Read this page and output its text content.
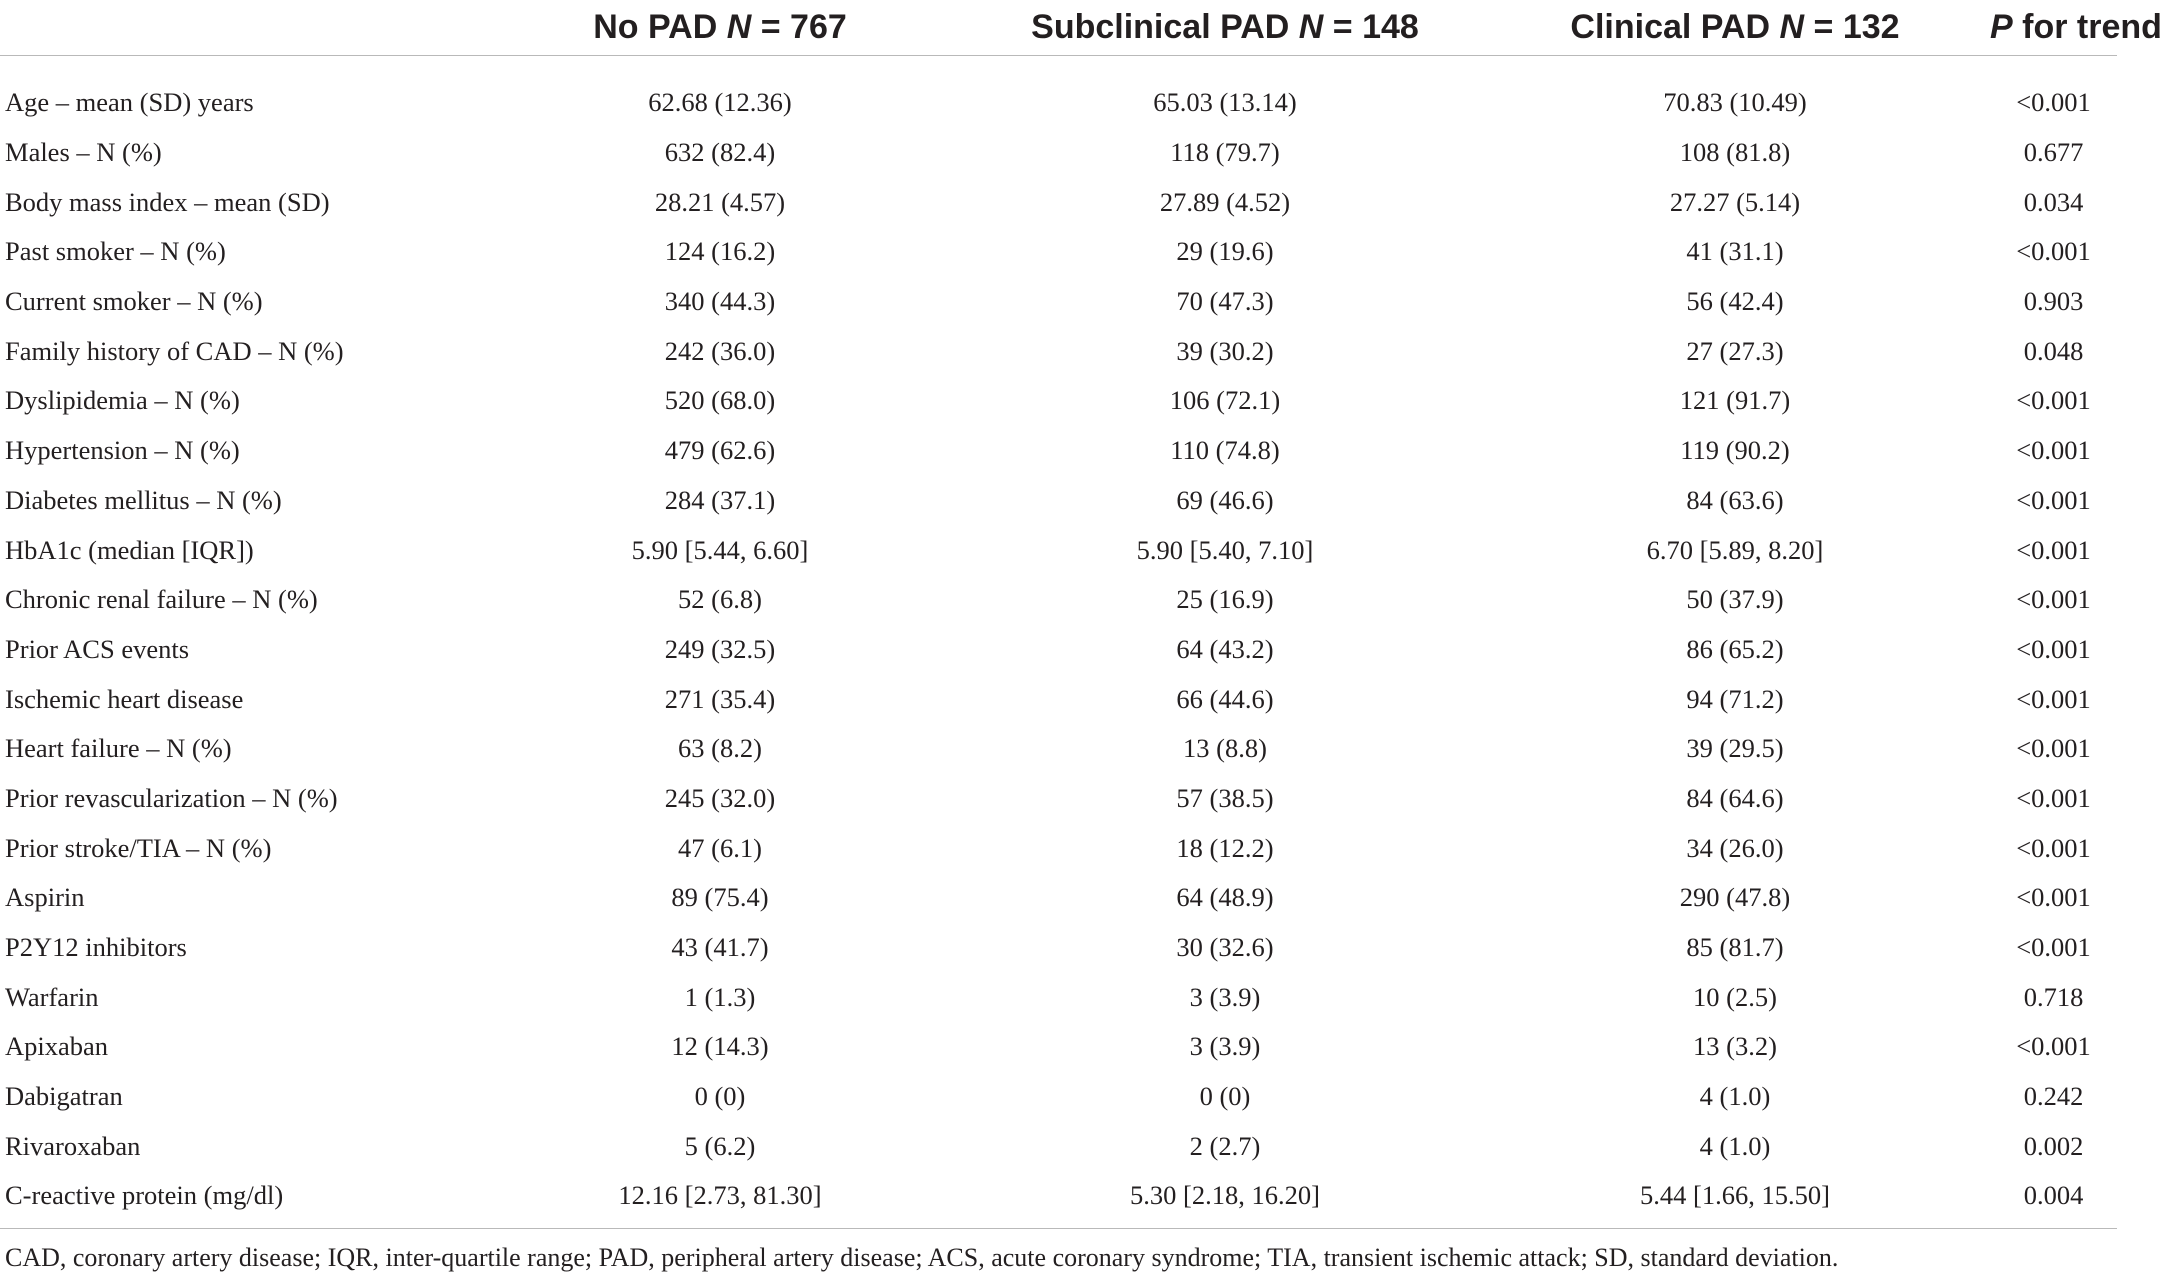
	No PAD N = 767	Subclinical PAD N = 148	Clinical PAD N = 132	P for trend

Age – mean (SD) years	62.68 (12.36)	65.03 (13.14)	70.83 (10.49)	<0.001
Males – N (%)	632 (82.4)	118 (79.7)	108 (81.8)	0.677
Body mass index – mean (SD)	28.21 (4.57)	27.89 (4.52)	27.27 (5.14)	0.034
Past smoker – N (%)	124 (16.2)	29 (19.6)	41 (31.1)	<0.001
Current smoker – N (%)	340 (44.3)	70 (47.3)	56 (42.4)	0.903
Family history of CAD – N (%)	242 (36.0)	39 (30.2)	27 (27.3)	0.048
Dyslipidemia – N (%)	520 (68.0)	106 (72.1)	121 (91.7)	<0.001
Hypertension – N (%)	479 (62.6)	110 (74.8)	119 (90.2)	<0.001
Diabetes mellitus – N (%)	284 (37.1)	69 (46.6)	84 (63.6)	<0.001
HbA1c (median [IQR])	5.90 [5.44, 6.60]	5.90 [5.40, 7.10]	6.70 [5.89, 8.20]	<0.001
Chronic renal failure – N (%)	52 (6.8)	25 (16.9)	50 (37.9)	<0.001
Prior ACS events	249 (32.5)	64 (43.2)	86 (65.2)	<0.001
Ischemic heart disease	271 (35.4)	66 (44.6)	94 (71.2)	<0.001
Heart failure – N (%)	63 (8.2)	13 (8.8)	39 (29.5)	<0.001
Prior revascularization – N (%)	245 (32.0)	57 (38.5)	84 (64.6)	<0.001
Prior stroke/TIA – N (%)	47 (6.1)	18 (12.2)	34 (26.0)	<0.001
Aspirin	89 (75.4)	64 (48.9)	290 (47.8)	<0.001
P2Y12 inhibitors	43 (41.7)	30 (32.6)	85 (81.7)	<0.001
Warfarin	1 (1.3)	3 (3.9)	10 (2.5)	0.718
Apixaban	12 (14.3)	3 (3.9)	13 (3.2)	<0.001
Dabigatran	0 (0)	0 (0)	4 (1.0)	0.242
Rivaroxaban	5 (6.2)	2 (2.7)	4 (1.0)	0.002
C-reactive protein (mg/dl)	12.16 [2.73, 81.30]	5.30 [2.18, 16.20]	5.44 [1.66, 15.50]	0.004
CAD, coronary artery disease; IQR, inter-quartile range; PAD, peripheral artery disease; ACS, acute coronary syndrome; TIA, transient ischemic attack; SD, standard deviation.
